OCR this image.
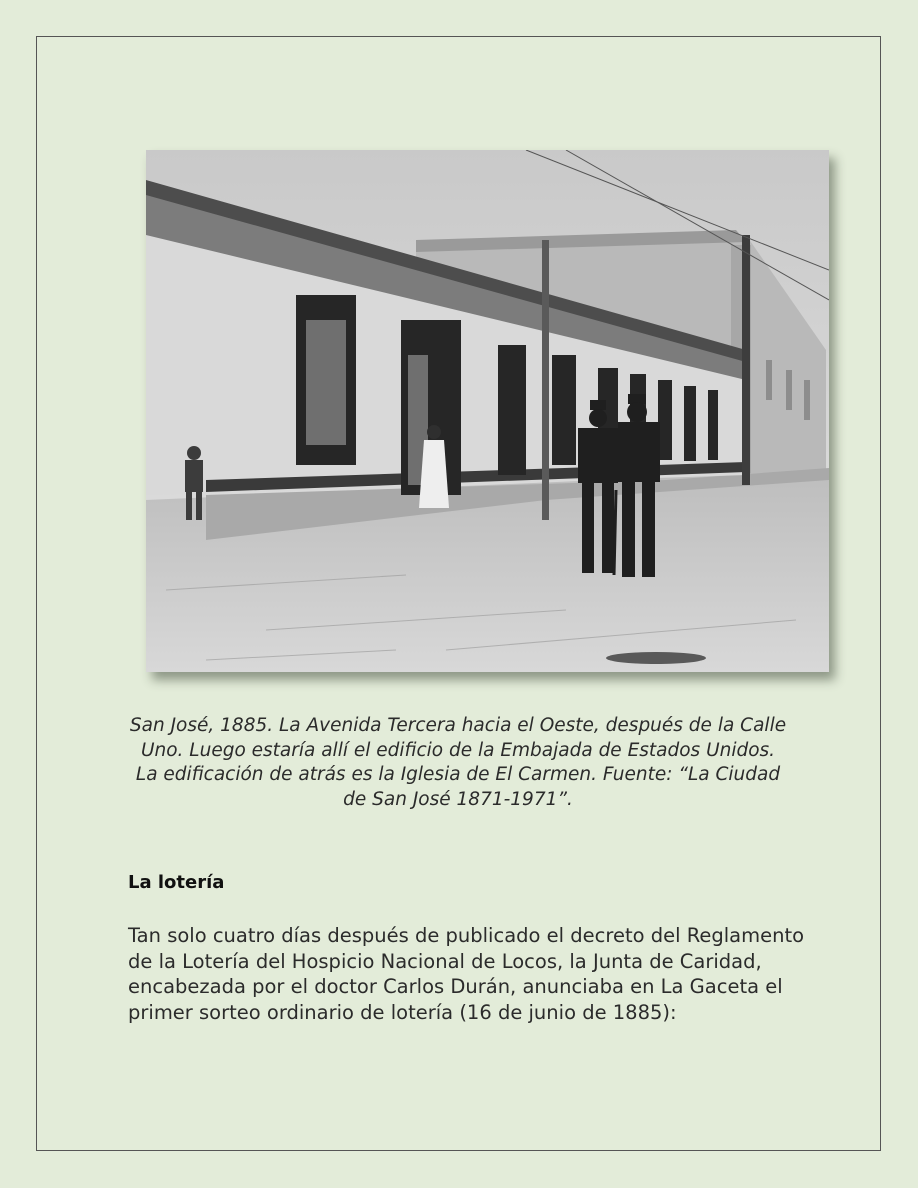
San José, 1885. La Avenida Tercera hacia el Oeste, después de la Calle Uno. Luego estaría allí el edificio de la Embajada de Estados Unidos. La edificación de atrás es la Iglesia de El Carmen. Fuente: “La Ciudad de San José 1871-1971”.

La lotería

Tan solo cuatro días después de publicado el decreto del Reglamento de la Lotería del Hospicio Nacional de Locos, la Junta de Caridad, encabezada por el doctor Carlos Durán, anunciaba en La Gaceta el primer sorteo ordinario de lotería (16 de junio de 1885):
